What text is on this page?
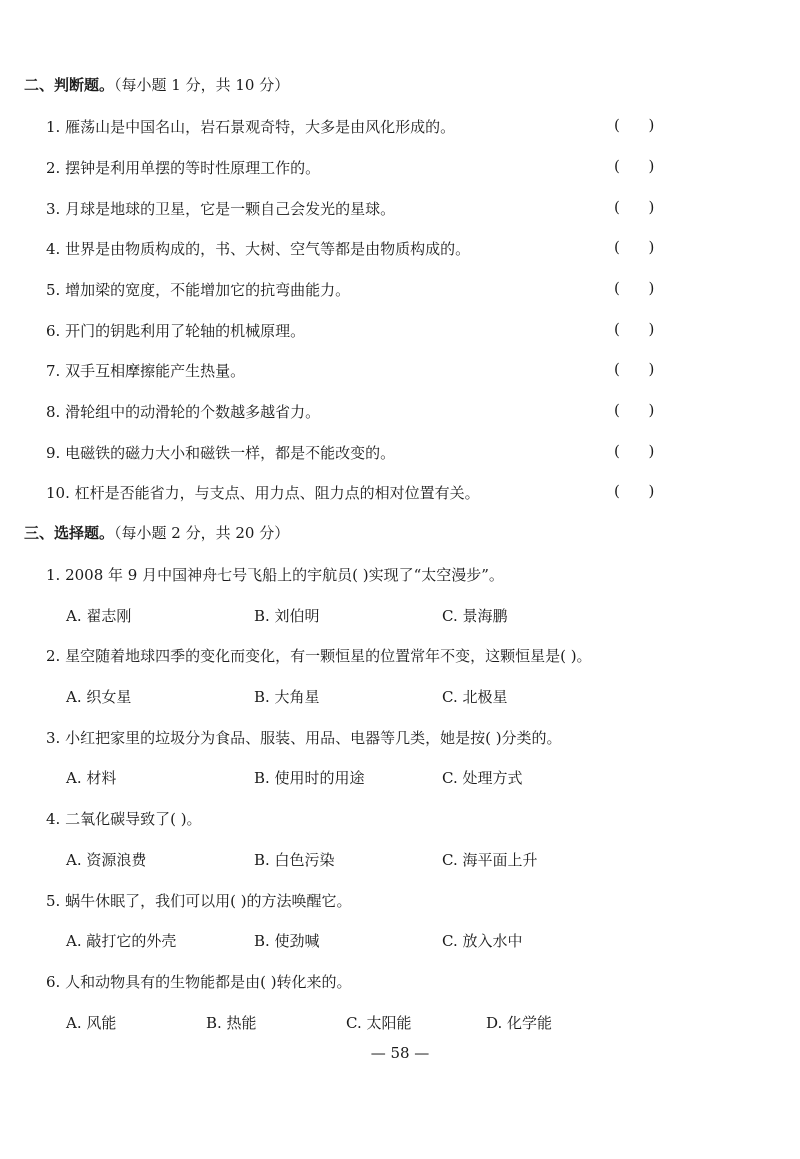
二、判断题。（每小题 1 分，共 10 分）
1. 雁荡山是中国名山，岩石景观奇特，大多是由风化形成的。	(      )
2. 摆钟是利用单摆的等时性原理工作的。	(      )
3. 月球是地球的卫星，它是一颗自己会发光的星球。	(      )
4. 世界是由物质构成的，书、大树、空气等都是由物质构成的。	(      )
5. 增加梁的宽度，不能增加它的抗弯曲能力。	(      )
6. 开门的钥匙利用了轮轴的机械原理。	(      )
7. 双手互相摩擦能产生热量。	(      )
8. 滑轮组中的动滑轮的个数越多越省力。	(      )
9. 电磁铁的磁力大小和磁铁一样，都是不能改变的。	(      )
10. 杠杆是否能省力，与支点、用力点、阻力点的相对位置有关。	(      )
三、选择题。（每小题 2 分，共 20 分）
1. 2008 年 9 月中国神舟七号飞船上的宇航员( )实现了“太空漫步”。
A. 翟志刚	B. 刘伯明	C. 景海鹏
2. 星空随着地球四季的变化而变化，有一颗恒星的位置常年不变，这颗恒星是( )。
A. 织女星	B. 大角星	C. 北极星
3. 小红把家里的垃圾分为食品、服装、用品、电器等几类，她是按( )分类的。
A. 材料	B. 使用时的用途	C. 处理方式
4. 二氧化碳导致了( )。
A. 资源浪费	B. 白色污染	C. 海平面上升
5. 蜗牛休眠了，我们可以用( )的方法唤醒它。
A. 敲打它的外壳	B. 使劲喊	C. 放入水中
6. 人和动物具有的生物能都是由( )转化来的。
A. 风能	B. 热能	C. 太阳能	D. 化学能
— 58 —
